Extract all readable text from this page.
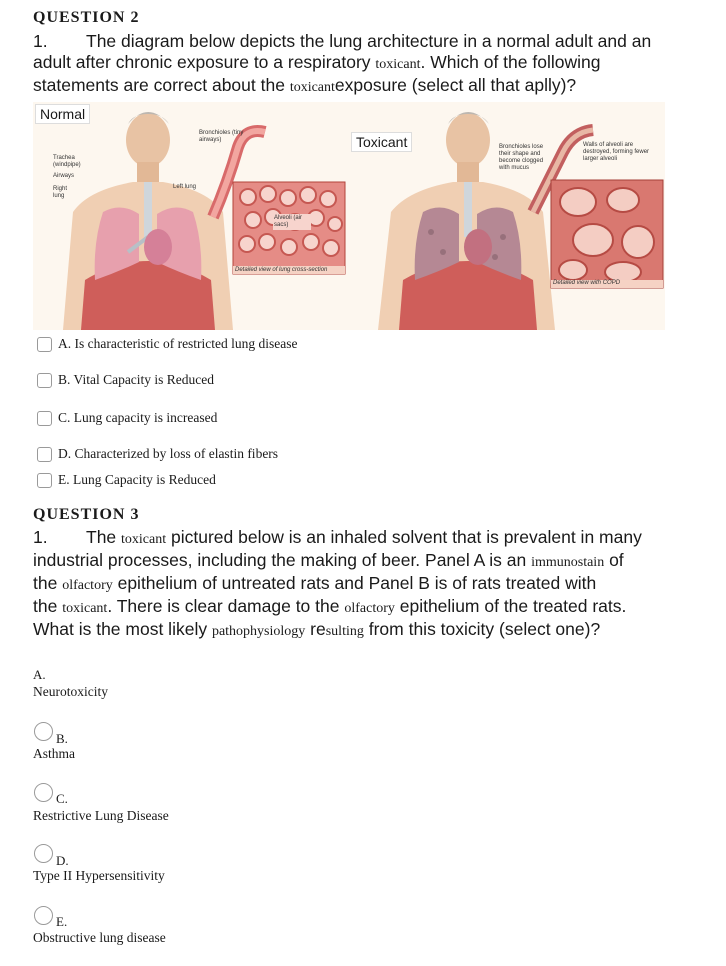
QUESTION 2
1. The diagram below depicts the lung architecture in a normal adult and an adult after chronic exposure to a respiratory toxicant. Which of the following statements are correct about the toxicantexposure (select all that aplly)?
Normal
Toxicant
Bronchioles (tiny airways)
Trachea (windpipe)
Airways
Right lung
Left lung
Alveoli (air sacs)
Detailed view of lung cross-section
Bronchioles lose their shape and become clogged with mucus
Walls of alveoli are destroyed, forming fewer larger alveoli
Detailed view with COPD
A. Is characteristic of restricted lung disease
B. Vital Capacity is Reduced
C. Lung capacity is increased
D. Characterized by loss of elastin fibers
E. Lung Capacity is Reduced
QUESTION 3
1. The toxicant pictured below is an inhaled solvent that is prevalent in many
industrial processes, including the making of beer. Panel A is an immunostain of
the olfactory epithelium of untreated rats and Panel B is of rats treated with
the toxicant. There is clear damage to the olfactory epithelium of the treated rats.
What is the most likely pathophysiology resulting from this toxicity (select one)?
A.
Neurotoxicity
B.
Asthma
C.
Restrictive Lung Disease
D.
Type II Hypersensitivity
E.
Obstructive lung disease
